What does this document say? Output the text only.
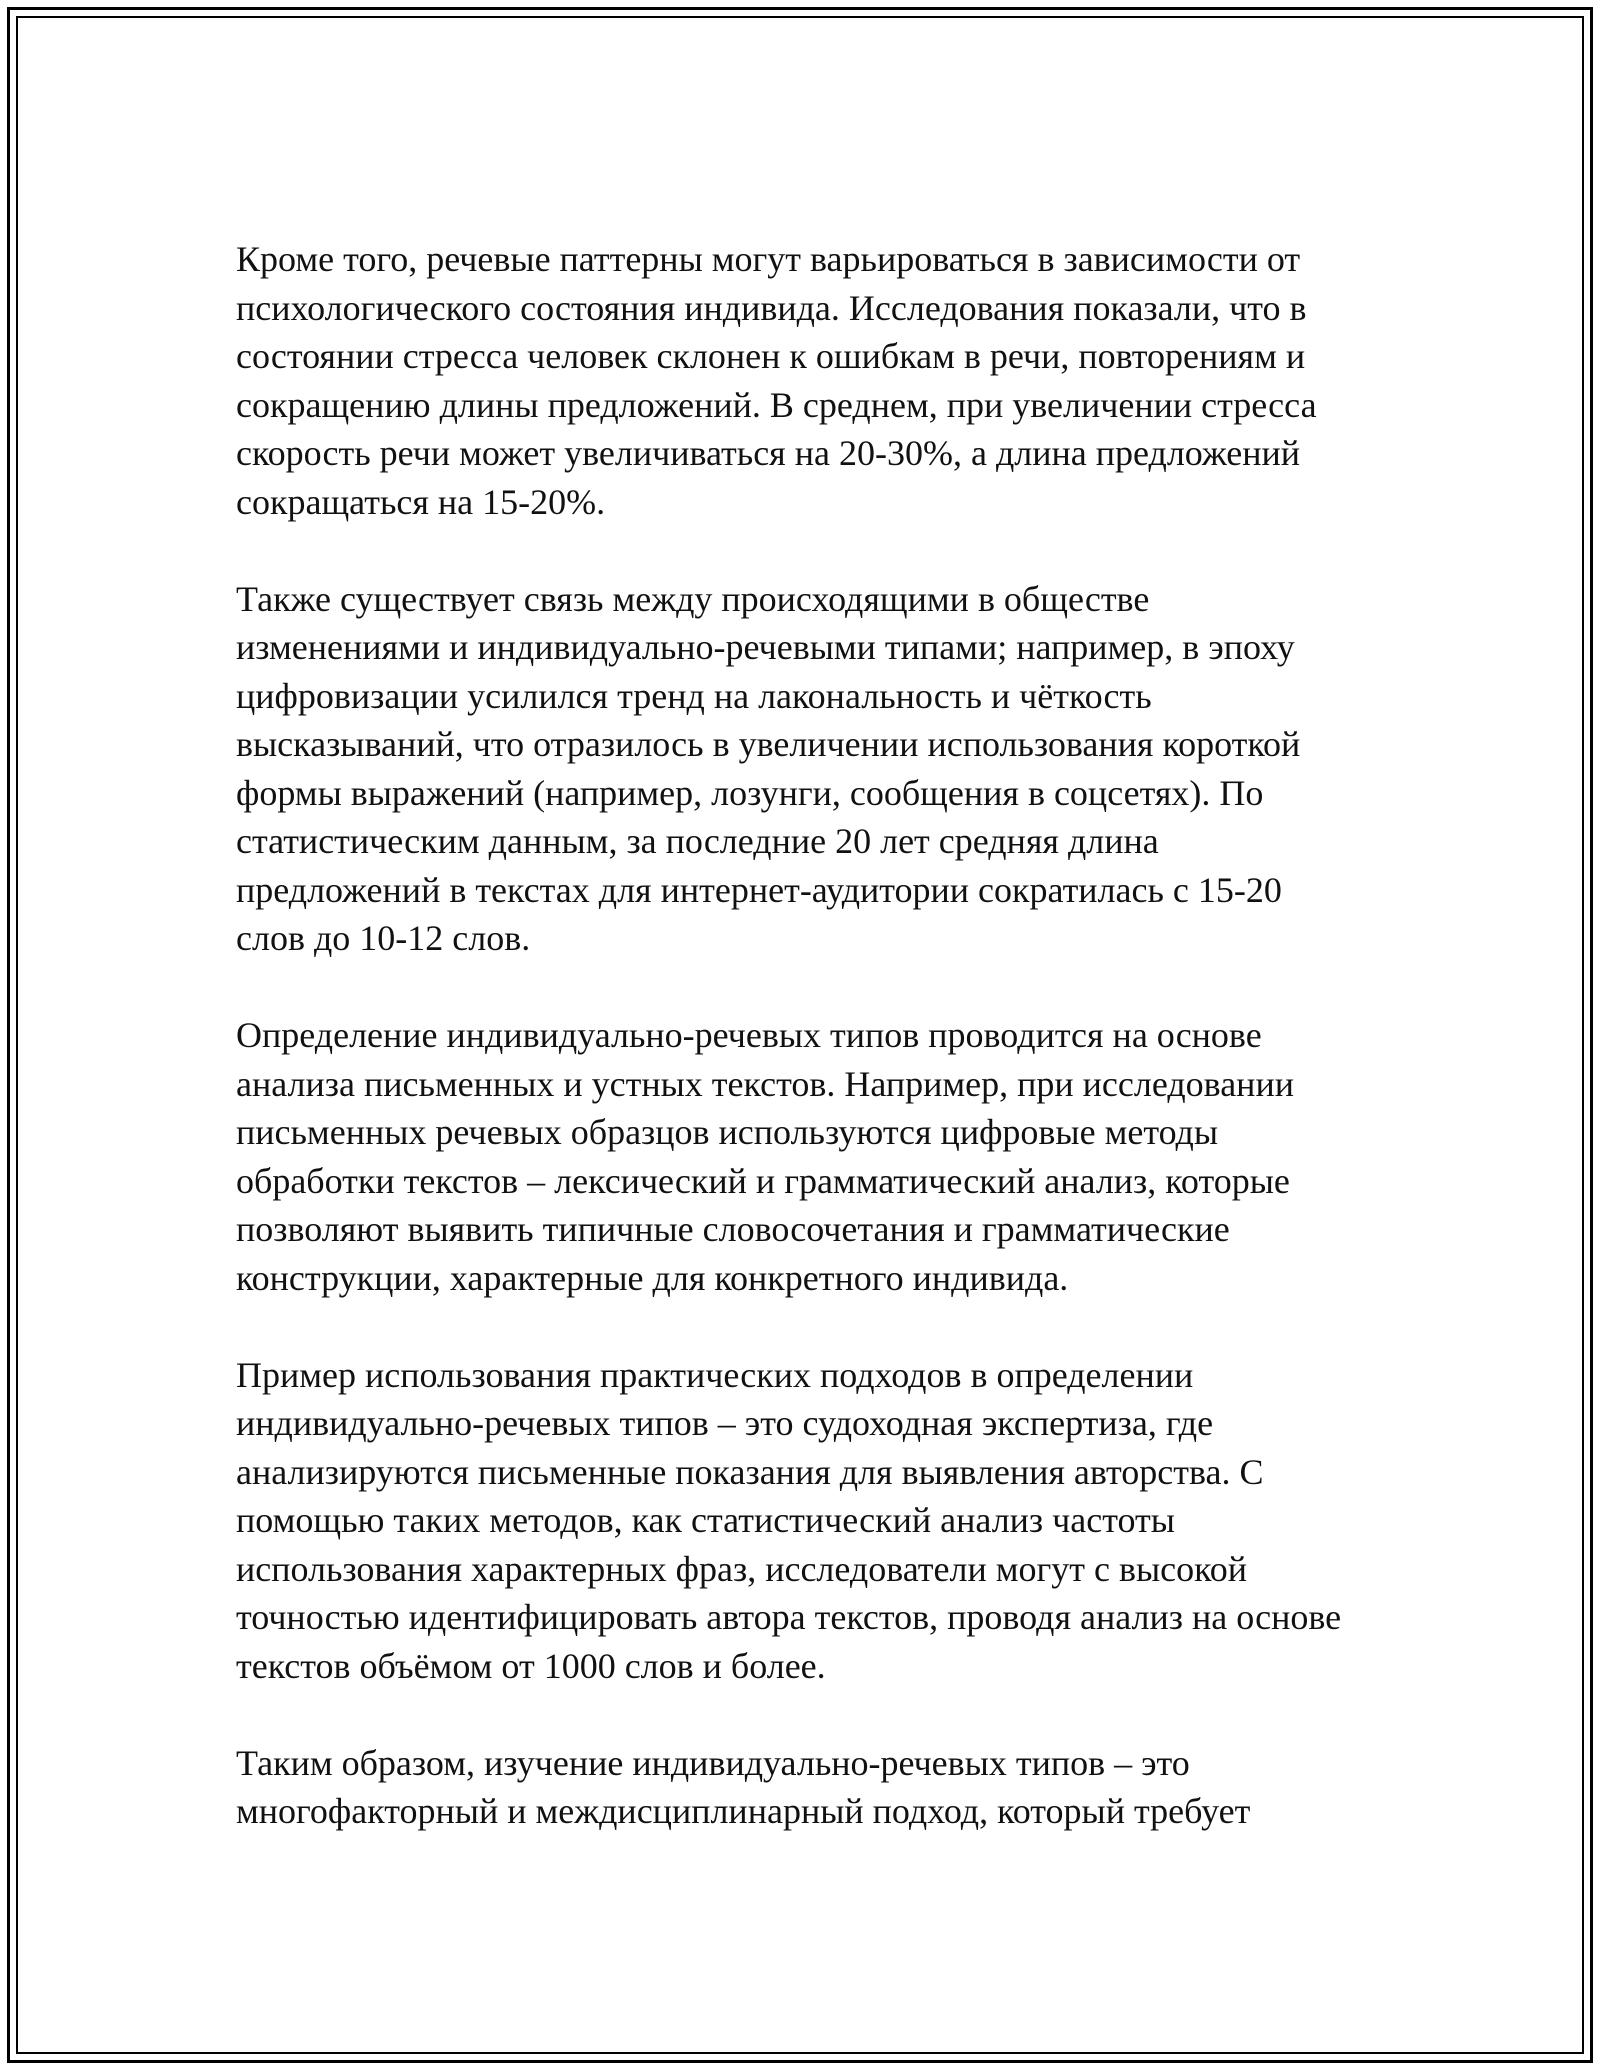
Кроме того, речевые паттерны могут варьироваться в зависимости от
психологического состояния индивида. Исследования показали, что в
состоянии стресса человек склонен к ошибкам в речи, повторениям и
сокращению длины предложений. В среднем, при увеличении стресса
скорость речи может увеличиваться на 20-30%, а длина предложений
сокращаться на 15-20%.

Также существует связь между происходящими в обществе
изменениями и индивидуально-речевыми типами; например, в эпоху
цифровизации усилился тренд на лакональность и чёткость
высказываний, что отразилось в увеличении использования короткой
формы выражений (например, лозунги, сообщения в соцсетях). По
статистическим данным, за последние 20 лет средняя длина
предложений в текстах для интернет-аудитории сократилась с 15-20
слов до 10-12 слов.

Определение индивидуально-речевых типов проводится на основе
анализа письменных и устных текстов. Например, при исследовании
письменных речевых образцов используются цифровые методы
обработки текстов – лексический и грамматический анализ, которые
позволяют выявить типичные словосочетания и грамматические
конструкции, характерные для конкретного индивида.

Пример использования практических подходов в определении
индивидуально-речевых типов – это судоходная экспертиза, где
анализируются письменные показания для выявления авторства. С
помощью таких методов, как статистический анализ частоты
использования характерных фраз, исследователи могут с высокой
точностью идентифицировать автора текстов, проводя анализ на основе
текстов объёмом от 1000 слов и более.

Таким образом, изучение индивидуально-речевых типов – это
многофакторный и междисциплинарный подход, который требует
